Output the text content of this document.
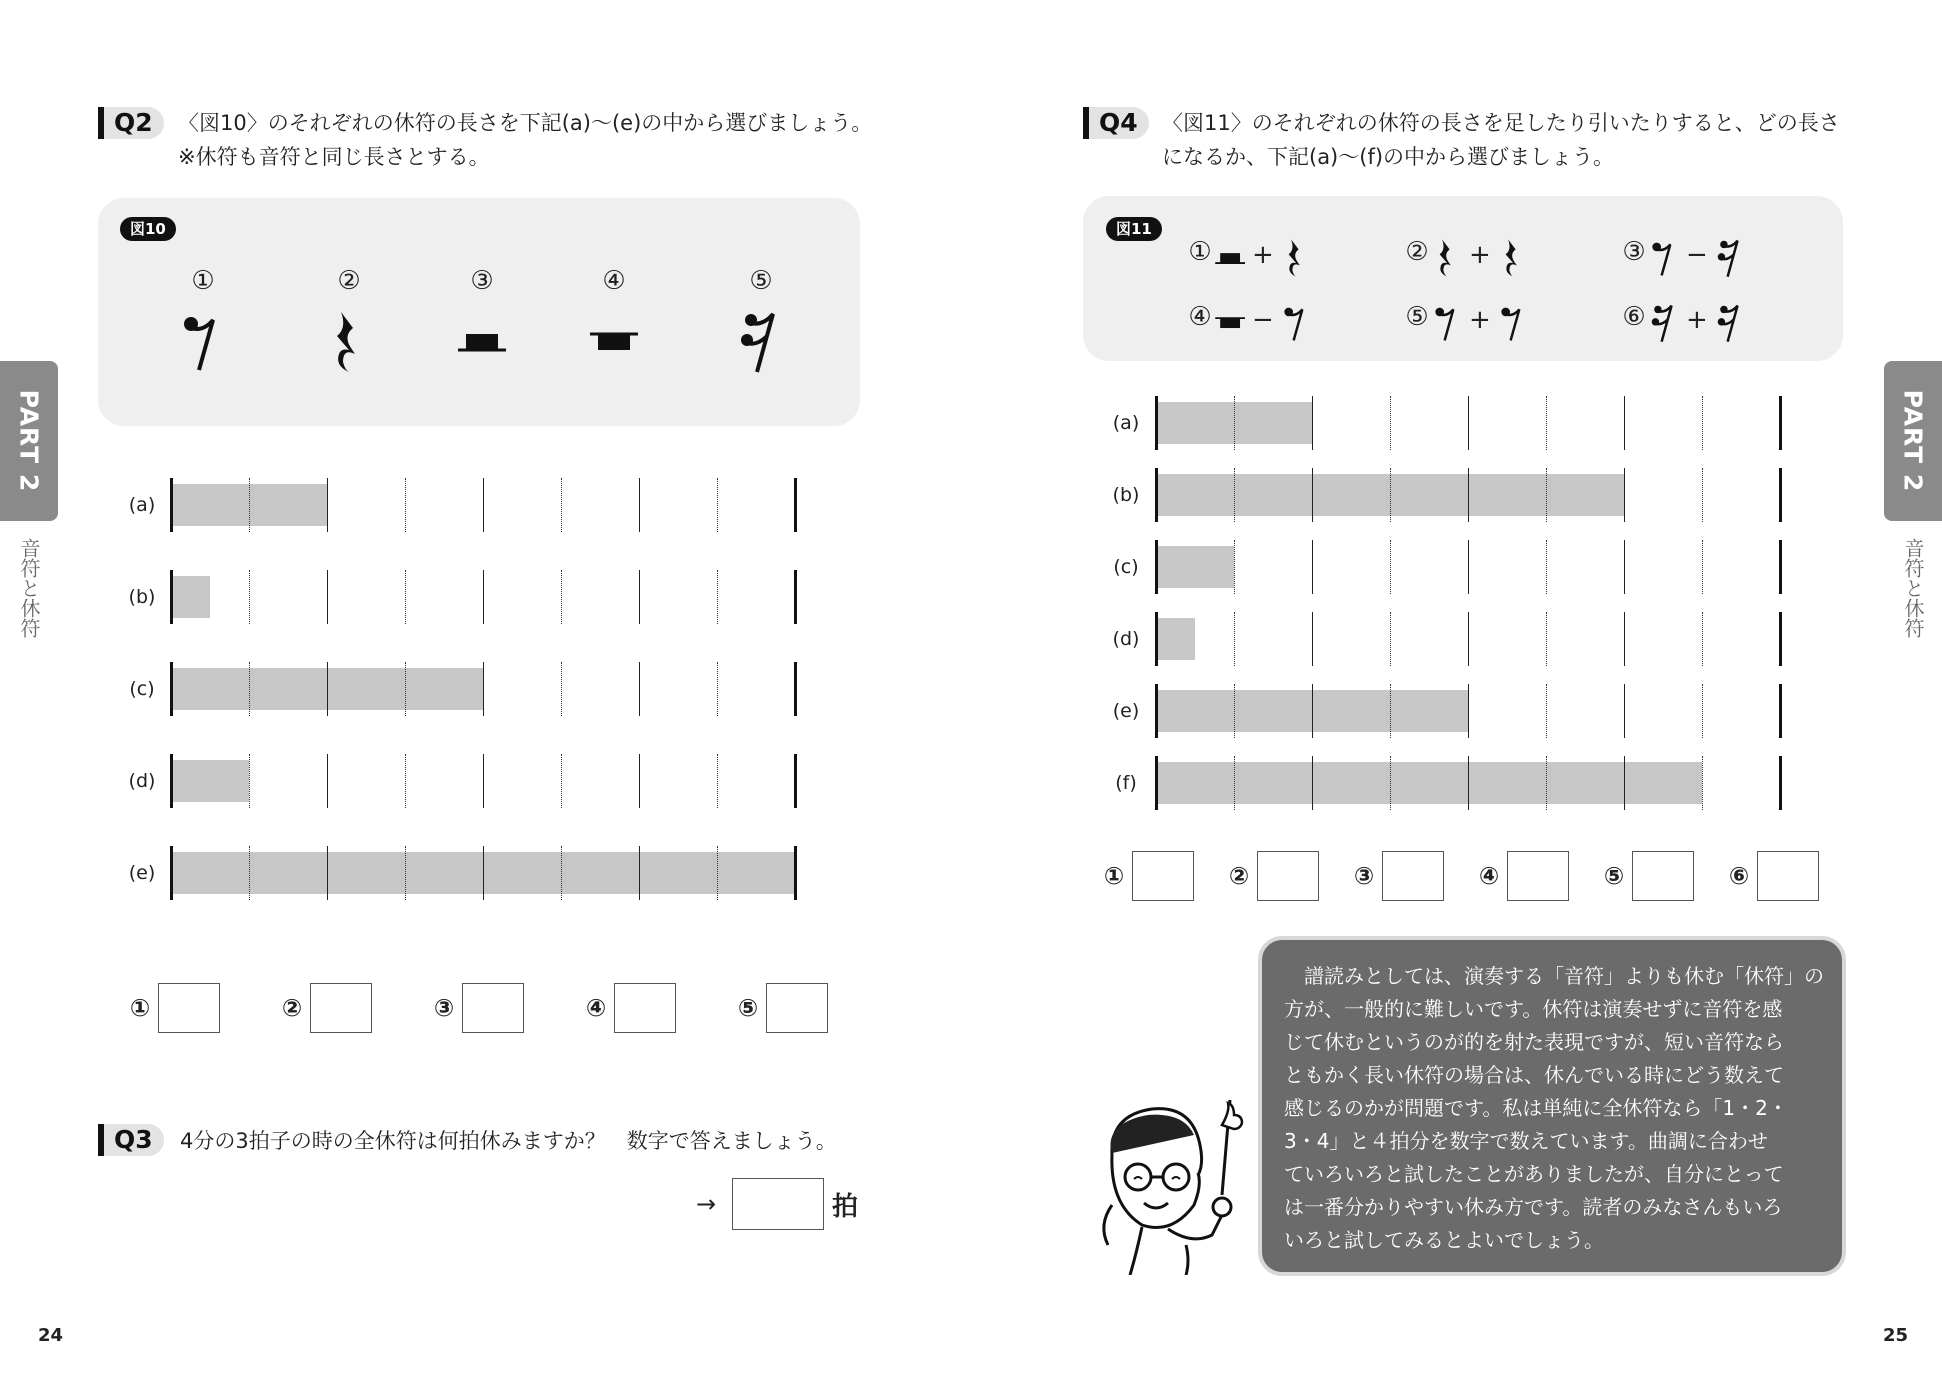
Q2	〈図10〉のそれぞれの休符の長さを下記(a)〜(e)の中から選びましょう。
※休符も音符と同じ長さとする。
図10
①	②	③	④	⑤
(a)
(b)
(c)
(d)
(e)
①	②	③	④	⑤
Q3	4分の3拍子の時の全休符は何拍休みますか？　数字で答えましょう。
→	拍
24
Q4	〈図11〉のそれぞれの休符の長さを足したり引いたりすると、どの長さ
になるか、下記(a)〜(f)の中から選びましょう。
図11
①	+	②	+	③	−
④	−	⑤	+	⑥	+
(a)
(b)
(c)
(d)
(e)
(f)
①	②	③	④	⑤	⑥

　譜読みとしては、演奏する「音符」よりも休む「休符」の

方が、一般的に難しいです。休符は演奏せずに音符を感

じて休むというのが的を射た表現ですが、短い音符なら

ともかく長い休符の場合は、休んでいる時にどう数えて

感じるのかが問題です。私は単純に全休符なら「1・2・

3・4」と４拍分を数字で数えています。曲調に合わせ

ていろいろと試したことがありましたが、自分にとって

は一番分かりやすい休み方です。読者のみなさんもいろ

いろと試してみるとよいでしょう。

25
PART 2
音符と休符
PART 2
音符と休符
